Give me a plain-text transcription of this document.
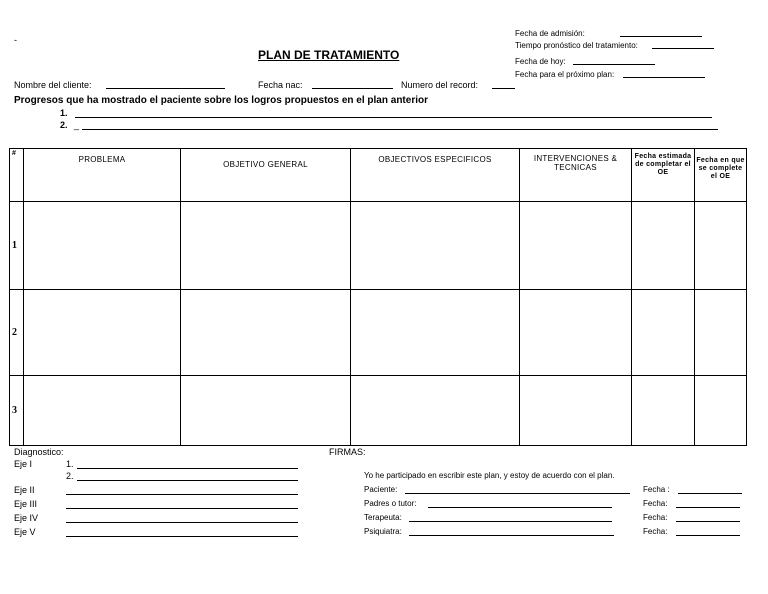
-
PLAN DE TRATAMIENTO
Fecha de admisión:
Tiempo pronóstico del tratamiento:
Fecha de hoy:
Fecha para el próximo plan:
Nombre del cliente:	Fecha nac:	Numero del record:
Progresos que ha mostrado el paciente sobre los logros propuestos en el plan anterior
1.
2. _
#	PROBLEMA	OBJETIVO GENERAL	OBJECTIVOS ESPECIFICOS	INTERVENCIONES & TECNICAS	Fecha estimada de completar el OE	Fecha en que se complete el OE
1						
2						
3						
Diagnostico:
Eje I	1.
2.
Eje II
Eje III
Eje IV
Eje V
FIRMAS:
Yo he participado en escribir este plan, y estoy de acuerdo con el plan.
Paciente:	Fecha :
Padres o tutor:	Fecha:
Terapeuta:	Fecha:
Psiquiatra:	Fecha:
